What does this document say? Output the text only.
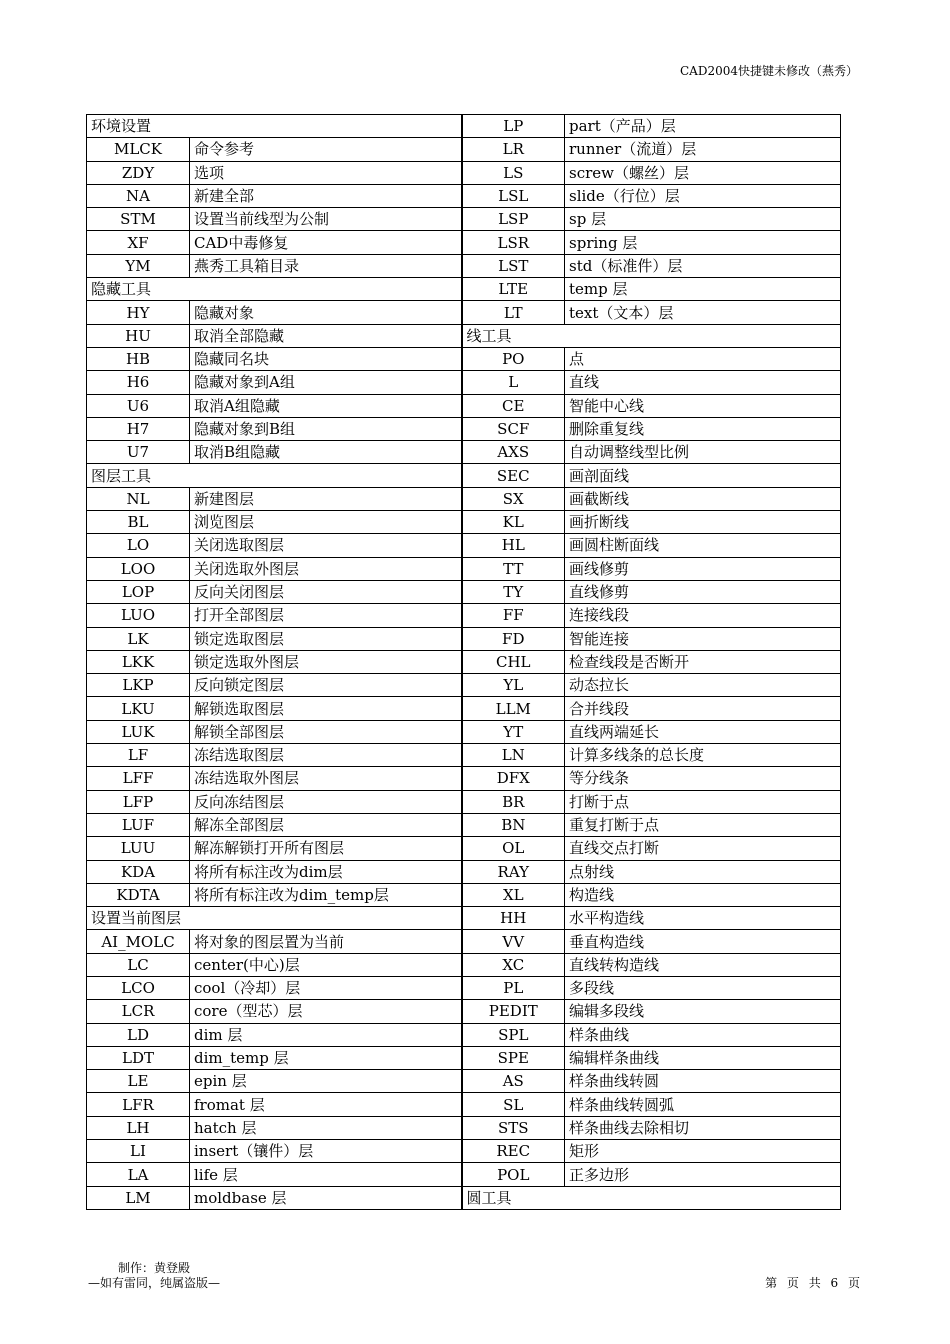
CAD2004快捷键未修改（燕秀）
环境设置		LP	part（产品）层
MLCK	命令参考	LR	runner（流道）层
ZDY	选项	LS	screw（螺丝）层
NA	新建全部	LSL	slide（行位）层
STM	设置当前线型为公制	LSP	sp 层
XF	CAD中毒修复	LSR	spring 层
YM	燕秀工具箱目录	LST	std（标准件）层
隐藏工具		LTE	temp 层
HY	隐藏对象	LT	text（文本）层
HU	取消全部隐藏	线工具	
HB	隐藏同名块	PO	点
H6	隐藏对象到A组	L	直线
U6	取消A组隐藏	CE	智能中心线
H7	隐藏对象到B组	SCF	删除重复线
U7	取消B组隐藏	AXS	自动调整线型比例
图层工具		SEC	画剖面线
NL	新建图层	SX	画截断线
BL	浏览图层	KL	画折断线
LO	关闭选取图层	HL	画圆柱断面线
LOO	关闭选取外图层	TT	画线修剪
LOP	反向关闭图层	TY	直线修剪
LUO	打开全部图层	FF	连接线段
LK	锁定选取图层	FD	智能连接
LKK	锁定选取外图层	CHL	检查线段是否断开
LKP	反向锁定图层	YL	动态拉长
LKU	解锁选取图层	LLM	合并线段
LUK	解锁全部图层	YT	直线两端延长
LF	冻结选取图层	LN	计算多线条的总长度
LFF	冻结选取外图层	DFX	等分线条
LFP	反向冻结图层	BR	打断于点
LUF	解冻全部图层	BN	重复打断于点
LUU	解冻解锁打开所有图层	OL	直线交点打断
KDA	将所有标注改为dim层	RAY	点射线
KDTA	将所有标注改为dim_temp层	XL	构造线
设置当前图层		HH	水平构造线
AI_MOLC	将对象的图层置为当前	VV	垂直构造线
LC	center(中心)层	XC	直线转构造线
LCO	cool（冷却）层	PL	多段线
LCR	core（型芯）层	PEDIT	编辑多段线
LD	dim 层	SPL	样条曲线
LDT	dim_temp 层	SPE	编辑样条曲线
LE	epin 层	AS	样条曲线转圆
LFR	fromat 层	SL	样条曲线转圆弧
LH	hatch 层	STS	样条曲线去除相切
LI	insert（镶件）层	REC	矩形
LA	life 层	POL	正多边形
LM	moldbase 层	圆工具	
制作：黄登殿
—如有雷同，纯属盗版—	第 页 共 6 页
